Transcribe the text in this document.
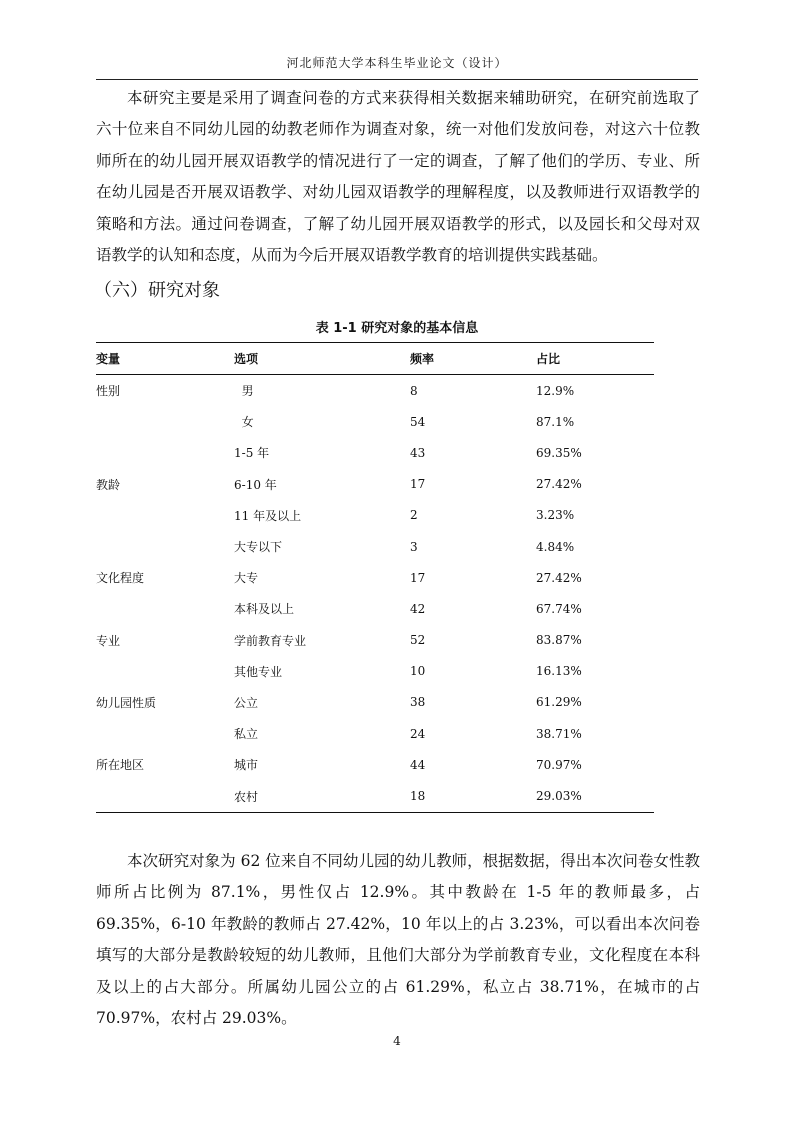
河北师范大学本科生毕业论文（设计）

本研究主要是采用了调查问卷的方式来获得相关数据来辅助研究，在研究前选取了六十位来自不同幼儿园的幼教老师作为调查对象，统一对他们发放问卷，对这六十位教师所在的幼儿园开展双语教学的情况进行了一定的调查，了解了他们的学历、专业、所在幼儿园是否开展双语教学、对幼儿园双语教学的理解程度，以及教师进行双语教学的策略和方法。通过问卷调查，了解了幼儿园开展双语教学的形式，以及园长和父母对双语教学的认知和态度，从而为今后开展双语教学教育的培训提供实践基础。

（六）研究对象
表 1-1 研究对象的基本信息
变量	选项	频率	占比
性别	男	8	12.9%
	女	54	87.1%
	1-5 年	43	69.35%
教龄	6-10 年	17	27.42%
	11 年及以上	2	3.23%
	大专以下	3	4.84%
文化程度	大专	17	27.42%
	本科及以上	42	67.74%
专业	学前教育专业	52	83.87%
	其他专业	10	16.13%
幼儿园性质	公立	38	61.29%
	私立	24	38.71%
所在地区	城市	44	70.97%
	农村	18	29.03%

本次研究对象为 62 位来自不同幼儿园的幼儿教师，根据数据，得出本次问卷女性教师所占比例为 87.1%，男性仅占 12.9%。其中教龄在 1-5 年的教师最多，占 69.35%，6-10 年教龄的教师占 27.42%，10 年以上的占 3.23%，可以看出本次问卷填写的大部分是教龄较短的幼儿教师，且他们大部分为学前教育专业，文化程度在本科及以上的占大部分。所属幼儿园公立的占 61.29%，私立占 38.71%，在城市的占 70.97%，农村占 29.03%。

4
